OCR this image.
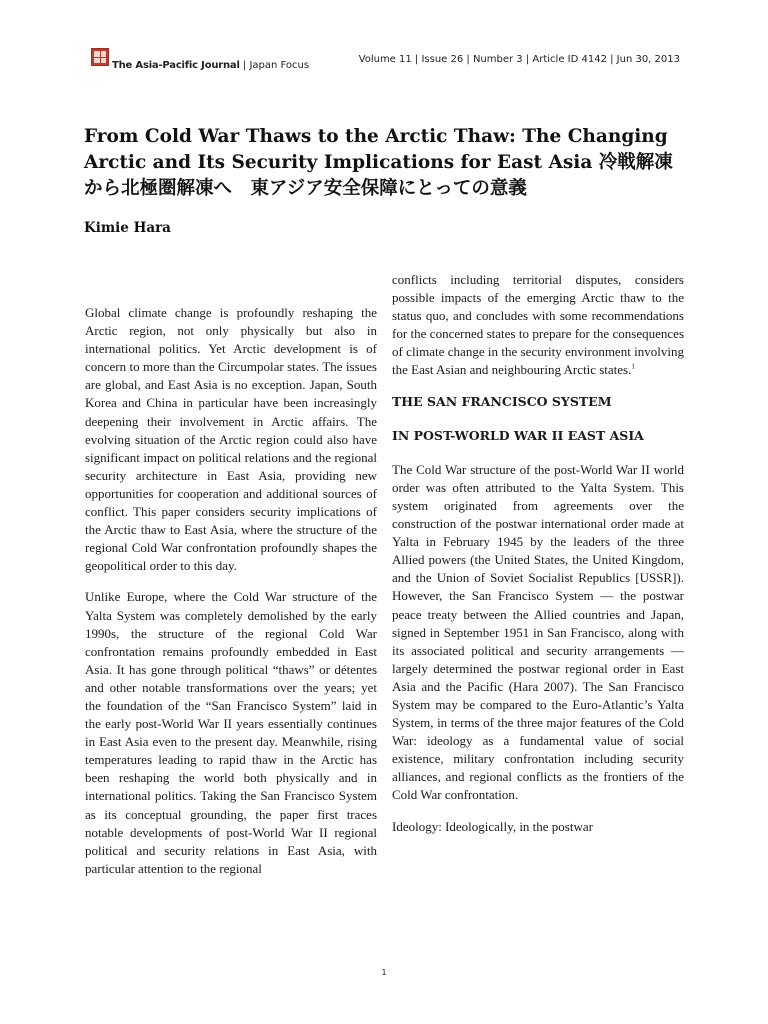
The Asia-Pacific Journal | Japan Focus
Volume 11 | Issue 26 | Number 3 | Article ID 4142 | Jun 30, 2013
From Cold War Thaws to the Arctic Thaw: The Changing Arctic and Its Security Implications for East Asia 冷戦解凍から北極圏解凍へ　東アジア安全保障にとっての意義
Kimie Hara

Global climate change is profoundly reshaping the Arctic region, not only physically but also in international politics. Yet Arctic development is of concern to more than the Circumpolar states. The issues are global, and East Asia is no exception. Japan, South Korea and China in particular have been increasingly deepening their involvement in Arctic affairs. The evolving situation of the Arctic region could also have significant impact on political relations and the regional security architecture in East Asia, providing new opportunities for cooperation and additional sources of conflict. This paper considers security implications of the Arctic thaw to East Asia, where the structure of the regional Cold War confrontation profoundly shapes the geopolitical order to this day.

Unlike Europe, where the Cold War structure of the Yalta System was completely demolished by the early 1990s, the structure of the regional Cold War confrontation remains profoundly embedded in East Asia. It has gone through political “thaws” or détentes and other notable transformations over the years; yet the foundation of the “San Francisco System” laid in the early post-World War II years essentially continues in East Asia even to the present day. Meanwhile, rising temperatures leading to rapid thaw in the Arctic has been reshaping the world both physically and in international politics. Taking the San Francisco System as its conceptual grounding, the paper first traces notable developments of post-World War II regional political and security relations in East Asia, with particular attention to the regional

conflicts including territorial disputes, considers possible impacts of the emerging Arctic thaw to the status quo, and concludes with some recommendations for the concerned states to prepare for the consequences of climate change in the security environment involving the East Asian and neighbouring Arctic states.$^1$

THE SAN FRANCISCO SYSTEM

IN POST-WORLD WAR II EAST ASIA

The Cold War structure of the post-World War II world order was often attributed to the Yalta System. This system originated from agreements over the construction of the postwar international order made at Yalta in February 1945 by the leaders of the three Allied powers (the United States, the United Kingdom, and the Union of Soviet Socialist Republics [USSR]). However, the San Francisco System — the postwar peace treaty between the Allied countries and Japan, signed in September 1951 in San Francisco, along with its associated political and security arrangements — largely determined the postwar regional order in East Asia and the Pacific (Hara 2007). The San Francisco System may be compared to the Euro-Atlantic’s Yalta System, in terms of the three major features of the Cold War: ideology as a fundamental value of social existence, military confrontation including security alliances, and regional conflicts as the frontiers of the Cold War confrontation.

Ideology: Ideologically, in the postwar

1
